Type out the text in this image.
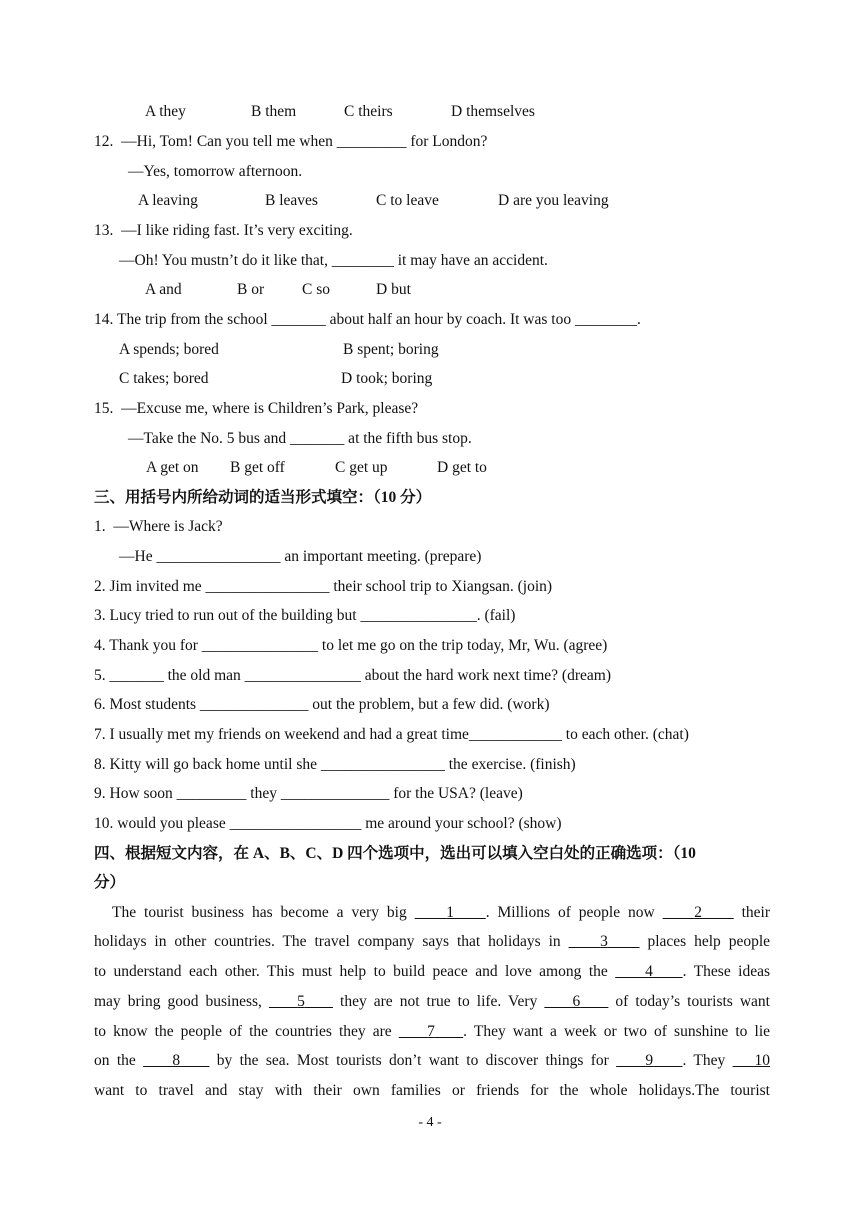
A they	B them	C theirs	D themselves
12.  —Hi, Tom! Can you tell me when _________ for London?
—Yes, tomorrow afternoon.
A leaving	B leaves	C to leave	D are you leaving
13.  —I like riding fast. It’s very exciting.
—Oh! You mustn’t do it like that, ________ it may have an accident.
A and	B or C so	D but
14. The trip from the school _______ about half an hour by coach. It was too ________.
A spends; bored	B spent; boring
C takes; bored	D took; boring
15.  —Excuse me, where is Children’s Park, please?
—Take the No. 5 bus and _______ at the fifth bus stop.
A get on B get off	C get up	D get to
三、用括号内所给动词的适当形式填空：（10 分）
1.  —Where is Jack?
—He ________________ an important meeting. (prepare)
2. Jim invited me ________________ their school trip to Xiangsan. (join)
3. Lucy tried to run out of the building but _______________. (fail)
4. Thank you for _______________ to let me go on the trip today, Mr, Wu. (agree)
5. _______ the old man _______________ about the hard work next time? (dream)
6. Most students ______________ out the problem, but a few did. (work)
7. I usually met my friends on weekend and had a great time____________ to each other. (chat)
8. Kitty will go back home until she ________________ the exercise. (finish)
9. How soon _________ they ______________ for the USA? (leave)
10. would you please _________________ me around your school? (show)
四、根据短文内容，在 A、B、C、D 四个选项中，选出可以填入空白处的正确选项：（10
分）
The tourist business has become a very big     1 . Millions of people now     2     their
holidays in other countries. The travel company says that holidays in     3     places help people
to understand each other. This must help to build peace and love among the     4 . These ideas
may bring good business,     5     they are not true to life. Very     6     of today’s tourists want
to know the people of the countries they are     7 . They want a week or two of sunshine to lie
on the     8     by the sea. Most tourists don’t want to discover things for     9 . They    10
want to travel and stay with their own families or friends for the whole holidays.The tourist
- 4 -
